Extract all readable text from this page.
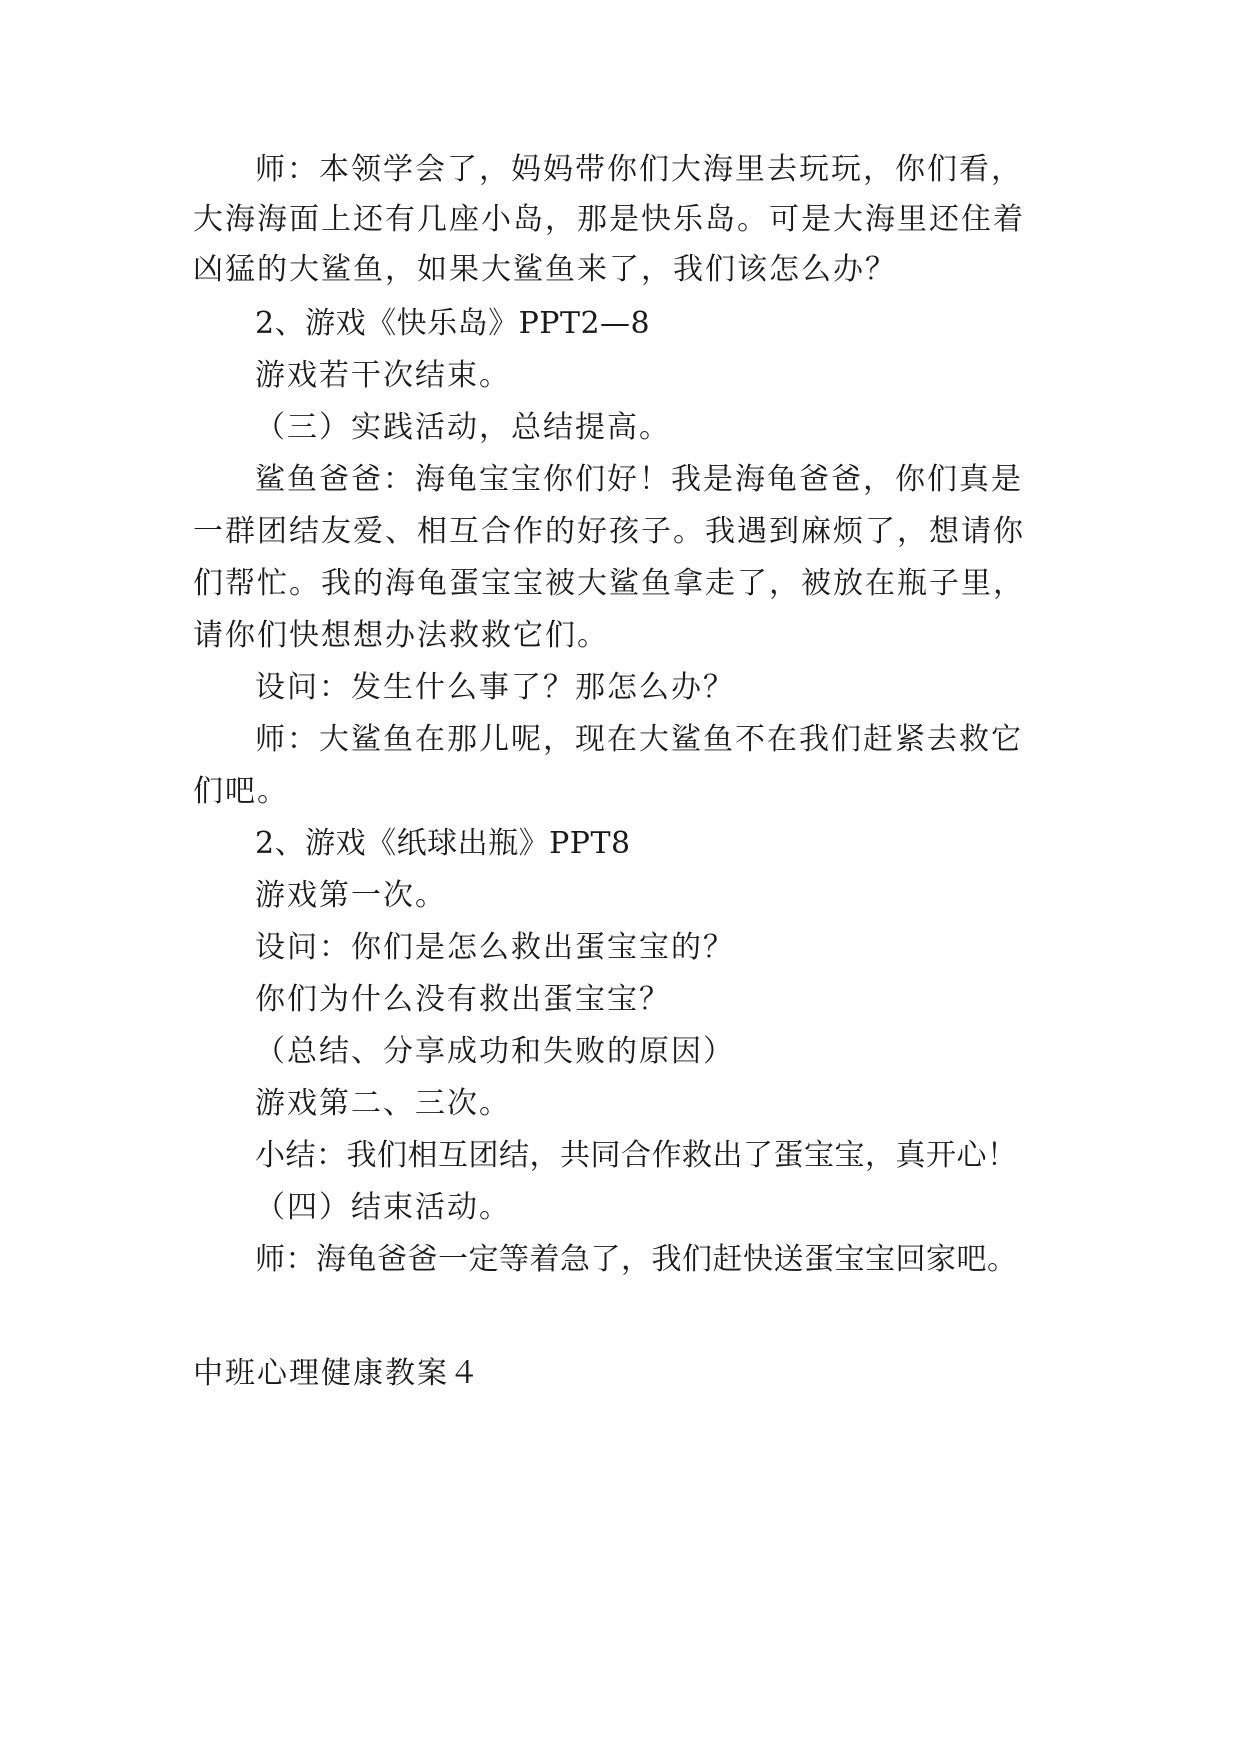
师：本领学会了，妈妈带你们大海里去玩玩，你们看，
大海海面上还有几座小岛，那是快乐岛。可是大海里还住着
凶猛的大鲨鱼，如果大鲨鱼来了，我们该怎么办？
2、游戏《快乐岛》PPT2—8
游戏若干次结束。
（三）实践活动，总结提高。
鲨鱼爸爸：海龟宝宝你们好！我是海龟爸爸，你们真是
一群团结友爱、相互合作的好孩子。我遇到麻烦了，想请你
们帮忙。我的海龟蛋宝宝被大鲨鱼拿走了，被放在瓶子里，
请你们快想想办法救救它们。
设问：发生什么事了？那怎么办？
师：大鲨鱼在那儿呢，现在大鲨鱼不在我们赶紧去救它
们吧。
2、游戏《纸球出瓶》PPT8
游戏第一次。
设问：你们是怎么救出蛋宝宝的？
你们为什么没有救出蛋宝宝？
（总结、分享成功和失败的原因）
游戏第二、三次。
小结：我们相互团结，共同合作救出了蛋宝宝，真开心！
（四）结束活动。
师：海龟爸爸一定等着急了，我们赶快送蛋宝宝回家吧。
中班心理健康教案４
